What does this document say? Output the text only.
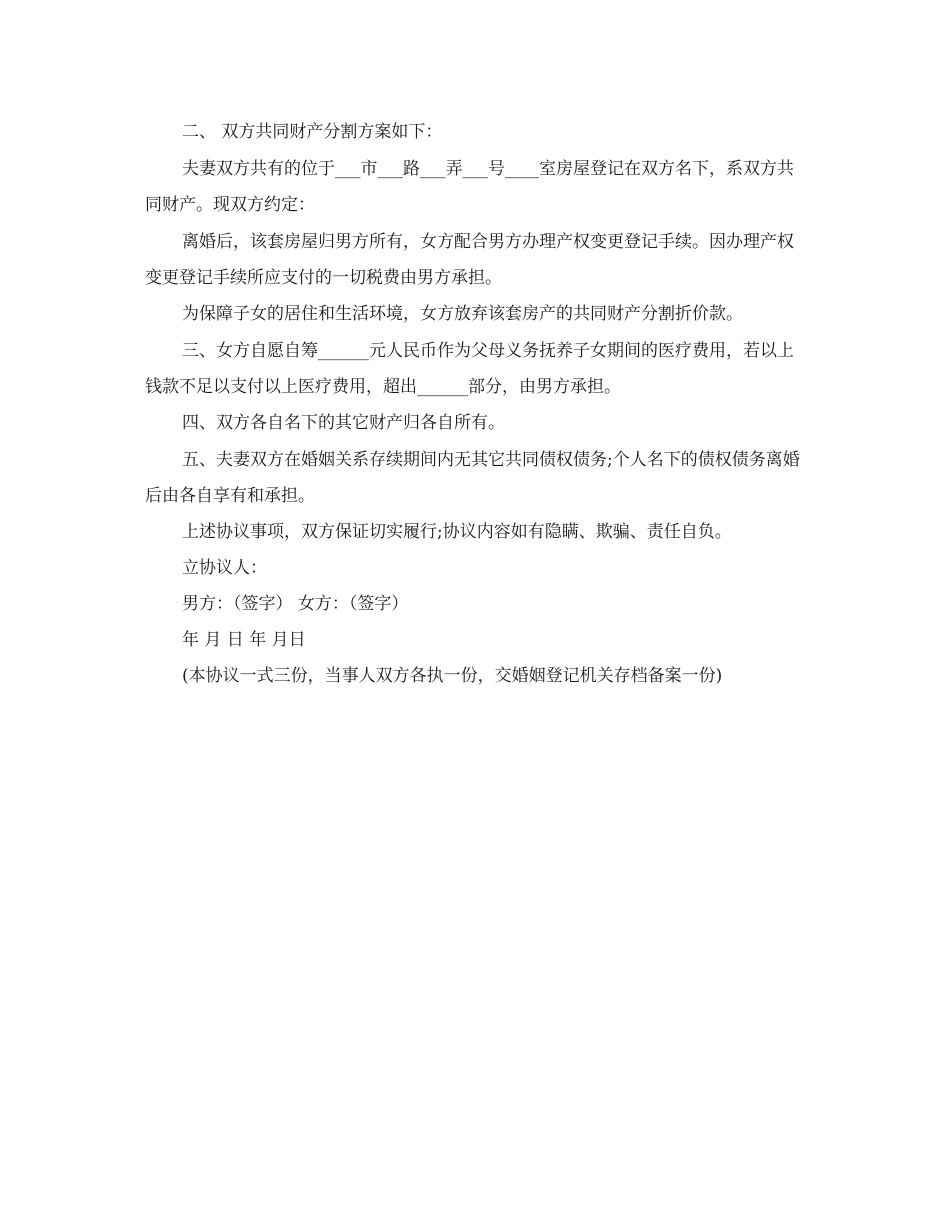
二、 双方共同财产分割方案如下：

夫妻双方共有的位于___市___路___弄___号____室房屋登记在双方名下，系双方共同财产。现双方约定：

离婚后，该套房屋归男方所有，女方配合男方办理产权变更登记手续。因办理产权变更登记手续所应支付的一切税费由男方承担。

为保障子女的居住和生活环境，女方放弃该套房产的共同财产分割折价款。

三、女方自愿自筹______元人民币作为父母义务抚养子女期间的医疗费用，若以上钱款不足以支付以上医疗费用，超出______部分，由男方承担。

四、双方各自名下的其它财产归各自所有。

五、夫妻双方在婚姻关系存续期间内无其它共同债权债务;个人名下的债权债务离婚后由各自享有和承担。

上述协议事项，双方保证切实履行;协议内容如有隐瞒、欺骗、责任自负。

立协议人：

男方：（签字） 女方：（签字）

年 月 日 年 月日

(本协议一式三份，当事人双方各执一份，交婚姻登记机关存档备案一份)
